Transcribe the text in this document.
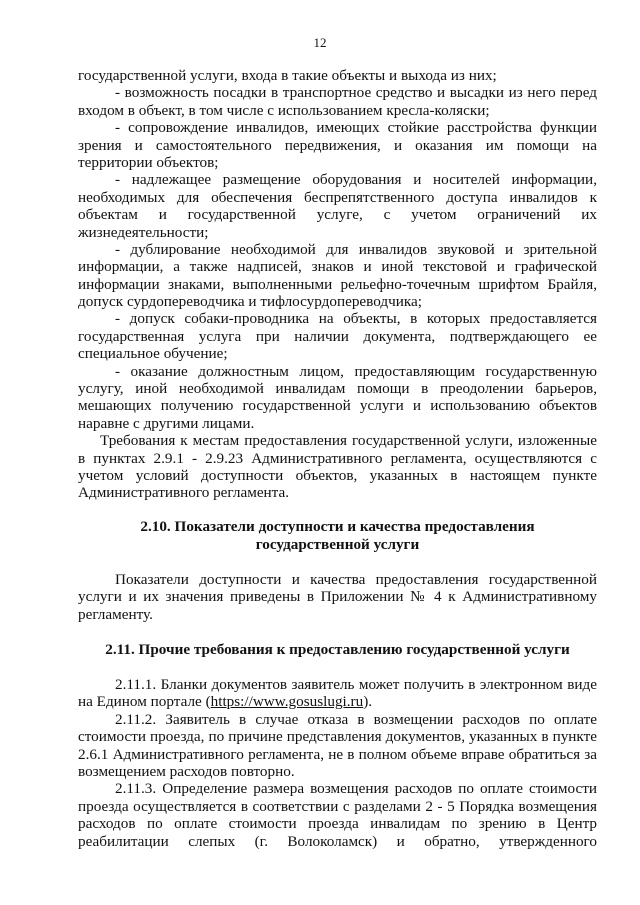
12
государственной услуги, входа в такие объекты и выхода из них;
- возможность посадки в транспортное средство и высадки из него перед
входом в объект, в том числе с использованием кресла-коляски;
- сопровождение инвалидов, имеющих стойкие расстройства функции
зрения и самостоятельного передвижения, и оказания им помощи на
территории объектов;
- надлежащее размещение оборудования и носителей информации,
необходимых для обеспечения беспрепятственного доступа инвалидов к
объектам и государственной услуге, с учетом ограничений их
жизнедеятельности;
- дублирование необходимой для инвалидов звуковой и зрительной
информации, а также надписей, знаков и иной текстовой и графической
информации знаками, выполненными рельефно-точечным шрифтом Брайля,
допуск сурдопереводчика и тифлосурдопереводчика;
- допуск собаки-проводника на объекты, в которых предоставляется
государственная услуга при наличии документа, подтверждающего ее
специальное обучение;
- оказание должностным лицом, предоставляющим государственную
услугу, иной необходимой инвалидам помощи в преодолении барьеров,
мешающих получению государственной услуги и использованию объектов
наравне с другими лицами.
Требования к местам предоставления государственной услуги, изложенные
в пунктах 2.9.1 - 2.9.23 Административного регламента, осуществляются с
учетом условий доступности объектов, указанных в настоящем пункте
Административного регламента.
2.10. Показатели доступности и качества предоставления
государственной услуги
Показатели доступности и качества предоставления государственной
услуги и их значения приведены в Приложении № 4 к Административному
регламенту.
2.11. Прочие требования к предоставлению государственной услуги
2.11.1. Бланки документов заявитель может получить в электронном виде
на Едином портале (https://www.gosuslugi.ru).
2.11.2. Заявитель в случае отказа в возмещении расходов по оплате
стоимости проезда, по причине представления документов, указанных в пункте
2.6.1 Административного регламента, не в полном объеме вправе обратиться за
возмещением расходов повторно.
2.11.3. Определение размера возмещения расходов по оплате стоимости
проезда осуществляется в соответствии с разделами 2 - 5 Порядка возмещения
расходов по оплате стоимости проезда инвалидам по зрению в Центр
реабилитации слепых (г. Волоколамск) и обратно, утвержденного
